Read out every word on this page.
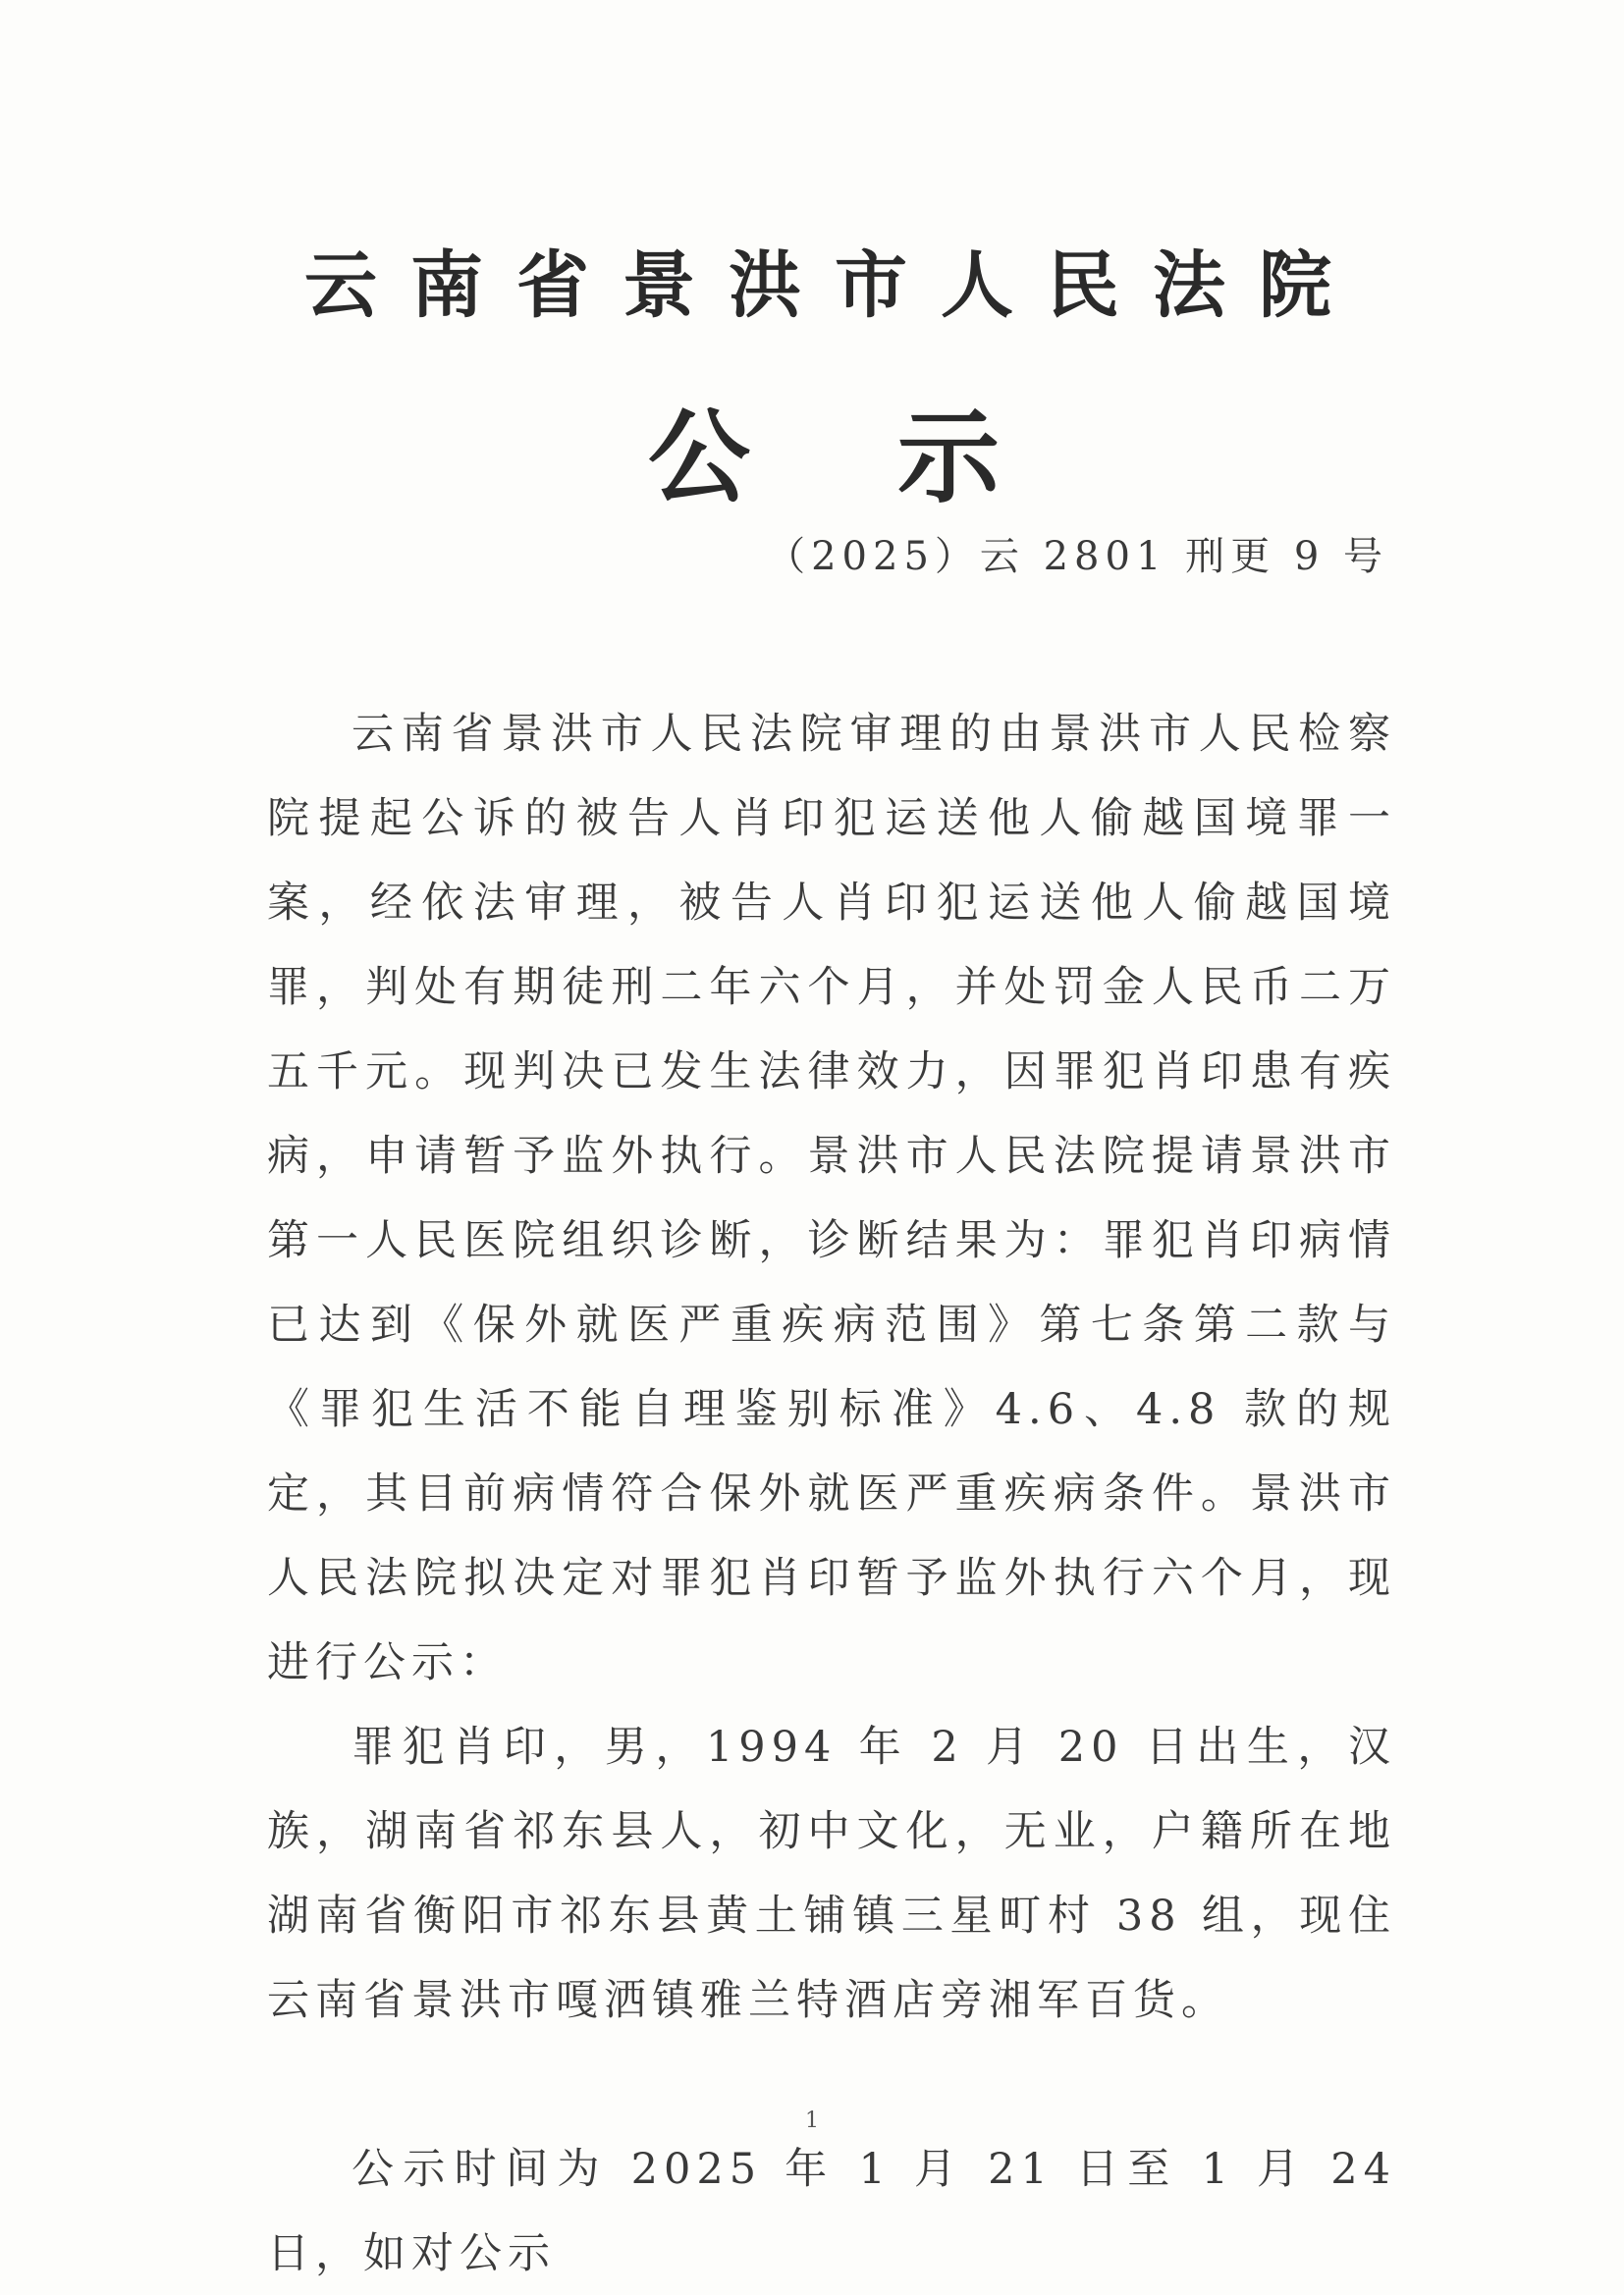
云南省景洪市人民法院
公示
（2025）云 2801 刑更 9 号

云南省景洪市人民法院审理的由景洪市人民检察院提起公诉的被告人肖印犯运送他人偷越国境罪一案，经依法审理，被告人肖印犯运送他人偷越国境罪，判处有期徒刑二年六个月，并处罚金人民币二万五千元。现判决已发生法律效力，因罪犯肖印患有疾病，申请暂予监外执行。景洪市人民法院提请景洪市第一人民医院组织诊断，诊断结果为：罪犯肖印病情已达到《保外就医严重疾病范围》第七条第二款与《罪犯生活不能自理鉴别标准》4.6、4.8 款的规定，其目前病情符合保外就医严重疾病条件。景洪市人民法院拟决定对罪犯肖印暂予监外执行六个月，现进行公示：

罪犯肖印，男，1994 年 2 月 20 日出生，汉族，湖南省祁东县人，初中文化，无业，户籍所在地湖南省衡阳市祁东县黄土铺镇三星町村 38 组，现住云南省景洪市嘎洒镇雅兰特酒店旁湘军百货。

公示时间为 2025 年 1 月 21 日至 1 月 24 日，如对公示

1
